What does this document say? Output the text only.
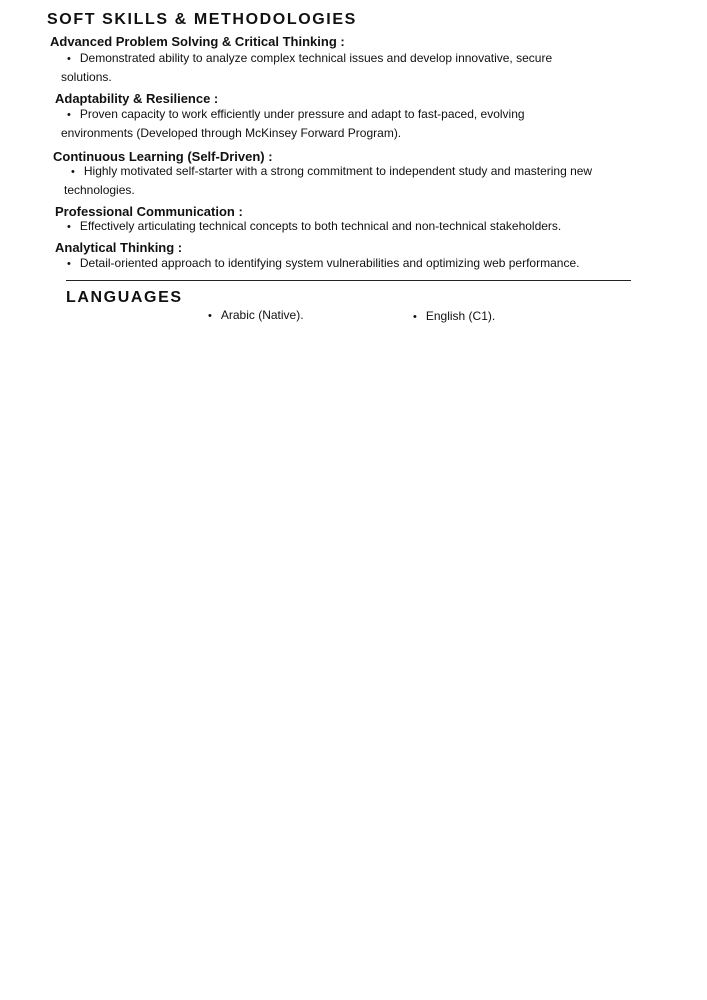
SOFT SKILLS & METHODOLOGIES
Advanced Problem Solving & Critical Thinking :
• Demonstrated ability to analyze complex technical issues and develop innovative, secure
solutions.
Adaptability & Resilience :
• Proven capacity to work efficiently under pressure and adapt to fast-paced, evolving
environments (Developed through McKinsey Forward Program).
Continuous Learning (Self-Driven) :
• Highly motivated self-starter with a strong commitment to independent study and mastering new
technologies.
Professional Communication :
• Effectively articulating technical concepts to both technical and non-technical stakeholders.
Analytical Thinking :
• Detail-oriented approach to identifying system vulnerabilities and optimizing web performance.
LANGUAGES
• Arabic (Native).	• English (C1).
